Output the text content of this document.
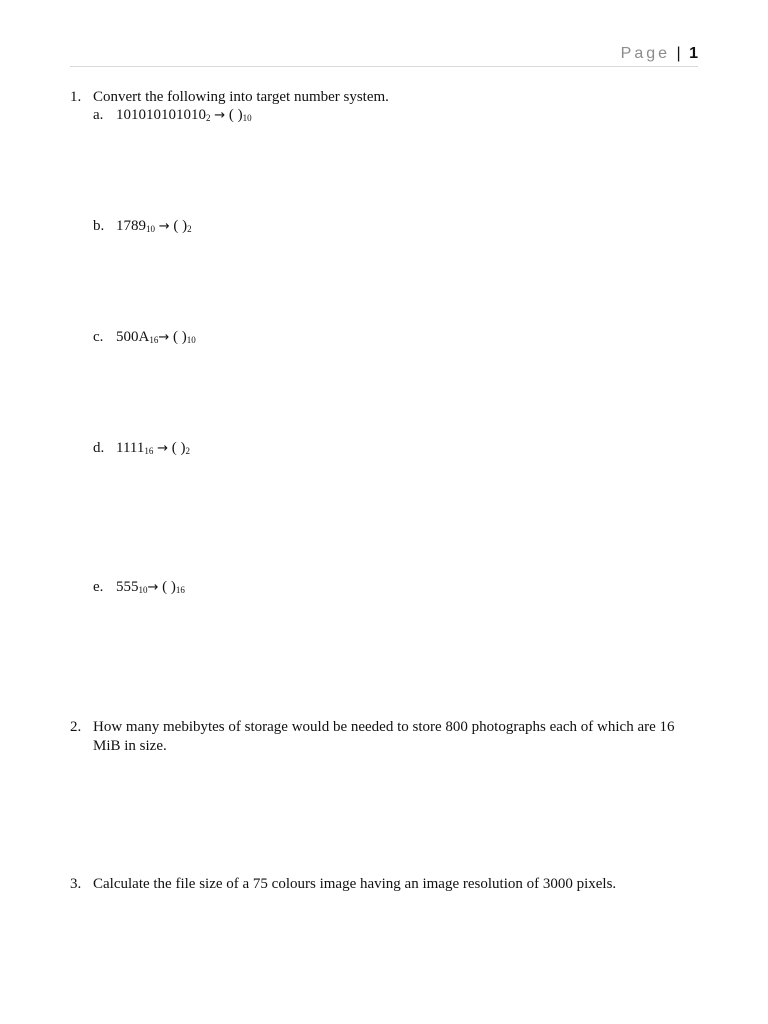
Page | 1
1. Convert the following into target number system.
a. $101010101010_2$ → ( )$_{10}$
b. $1789_{10}$ → ( )$_2$
c. $500A_{16}\to$ ( )$_{10}$
d. $1111_{16}$ → ( )$_2$
e. $555_{10}\to$ ( )$_{16}$
2. How many mebibytes of storage would be needed to store 800 photographs each of which are 16 MiB in size.
3. Calculate the file size of a 75 colours image having an image resolution of 3000 pixels.
